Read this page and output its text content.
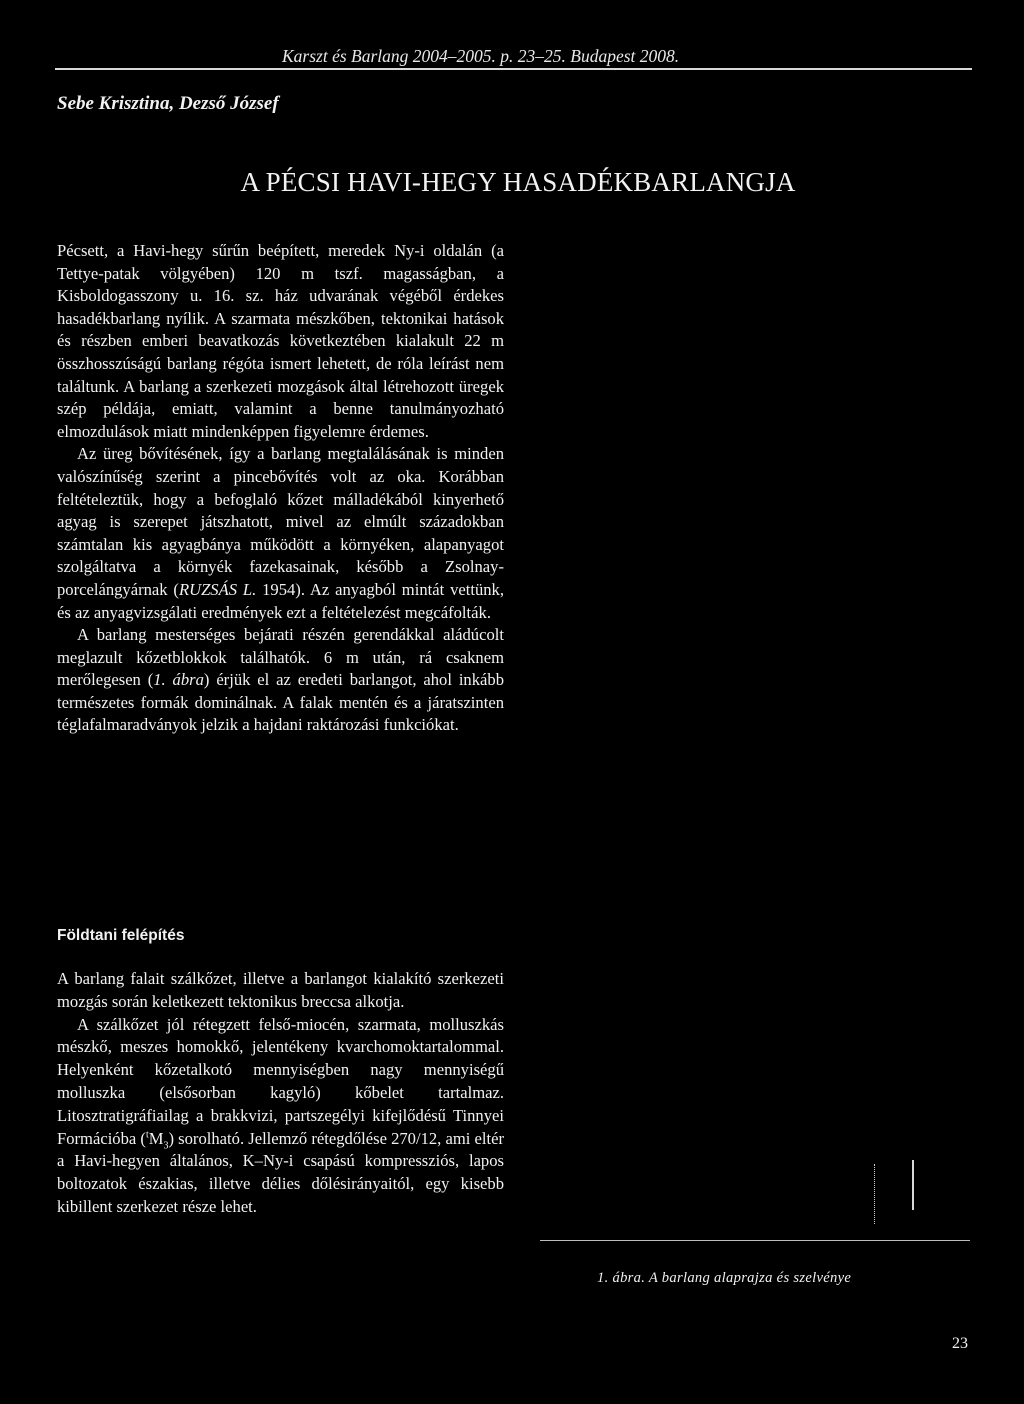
Karszt és Barlang 2004–2005. p. 23–25. Budapest 2008.
Sebe Krisztina, Dezső József
A PÉCSI HAVI-HEGY HASADÉKBARLANGJA

Pécsett, a Havi-hegy sűrűn beépített, meredek Ny-i oldalán (a Tettye-patak völgyében) 120 m tszf. magasságban, a Kisboldogasszony u. 16. sz. ház udvarának végéből érdekes hasadékbarlang nyílik. A szarmata mészkőben, tektonikai hatások és részben emberi beavatkozás következtében kialakult 22 m összhosszúságú barlang régóta ismert lehetett, de róla leírást nem találtunk. A barlang a szerkezeti mozgások által létrehozott üregek szép példája, emiatt, valamint a benne tanulmányozható elmozdulások miatt mindenképpen figyelemre érdemes.

Az üreg bővítésének, így a barlang megtalálásának is minden valószínűség szerint a pincebővítés volt az oka. Korábban feltételeztük, hogy a befoglaló kőzet málladékából kinyerhető agyag is szerepet játszhatott, mivel az elmúlt századokban számtalan kis agyagbánya működött a környéken, alapanyagot szolgáltatva a környék fazekasainak, később a Zsolnay-porcelángyárnak (RUZSÁS L. 1954). Az anyagból mintát vettünk, és az anyagvizsgálati eredmények ezt a feltételezést megcáfolták.

A barlang mesterséges bejárati részén gerendákkal aládúcolt meglazult kőzetblokkok találhatók. 6 m után, rá csaknem merőlegesen (1. ábra) érjük el az eredeti barlangot, ahol inkább természetes formák dominálnak. A falak mentén és a járatszinten téglafalmaradványok jelzik a hajdani raktározási funkciókat.

Földtani felépítés

A barlang falait szálkőzet, illetve a barlangot kialakító szerkezeti mozgás során keletkezett tektonikus breccsa alkotja.

A szálkőzet jól rétegzett felső-miocén, szarmata, molluszkás mészkő, meszes homokkő, jelentékeny kvarchomoktartalommal. Helyenként kőzetalkotó mennyiségben nagy mennyiségű molluszka (elsősorban kagyló) kőbelet tartalmaz. Litosztratigráfiailag a brakkvizi, partszegélyi kifejlődésű Tinnyei Formációba $(^tM_3)$ sorolható. Jellemző rétegdőlése 270/12, ami eltér a Havi-hegyen általános, K–Ny-i csapású kompressziós, lapos boltozatok északias, illetve délies dőlésirányaitól, egy kisebb kibillent szerkezet része lehet.

1. ábra. A barlang alaprajza és szelvénye
23
